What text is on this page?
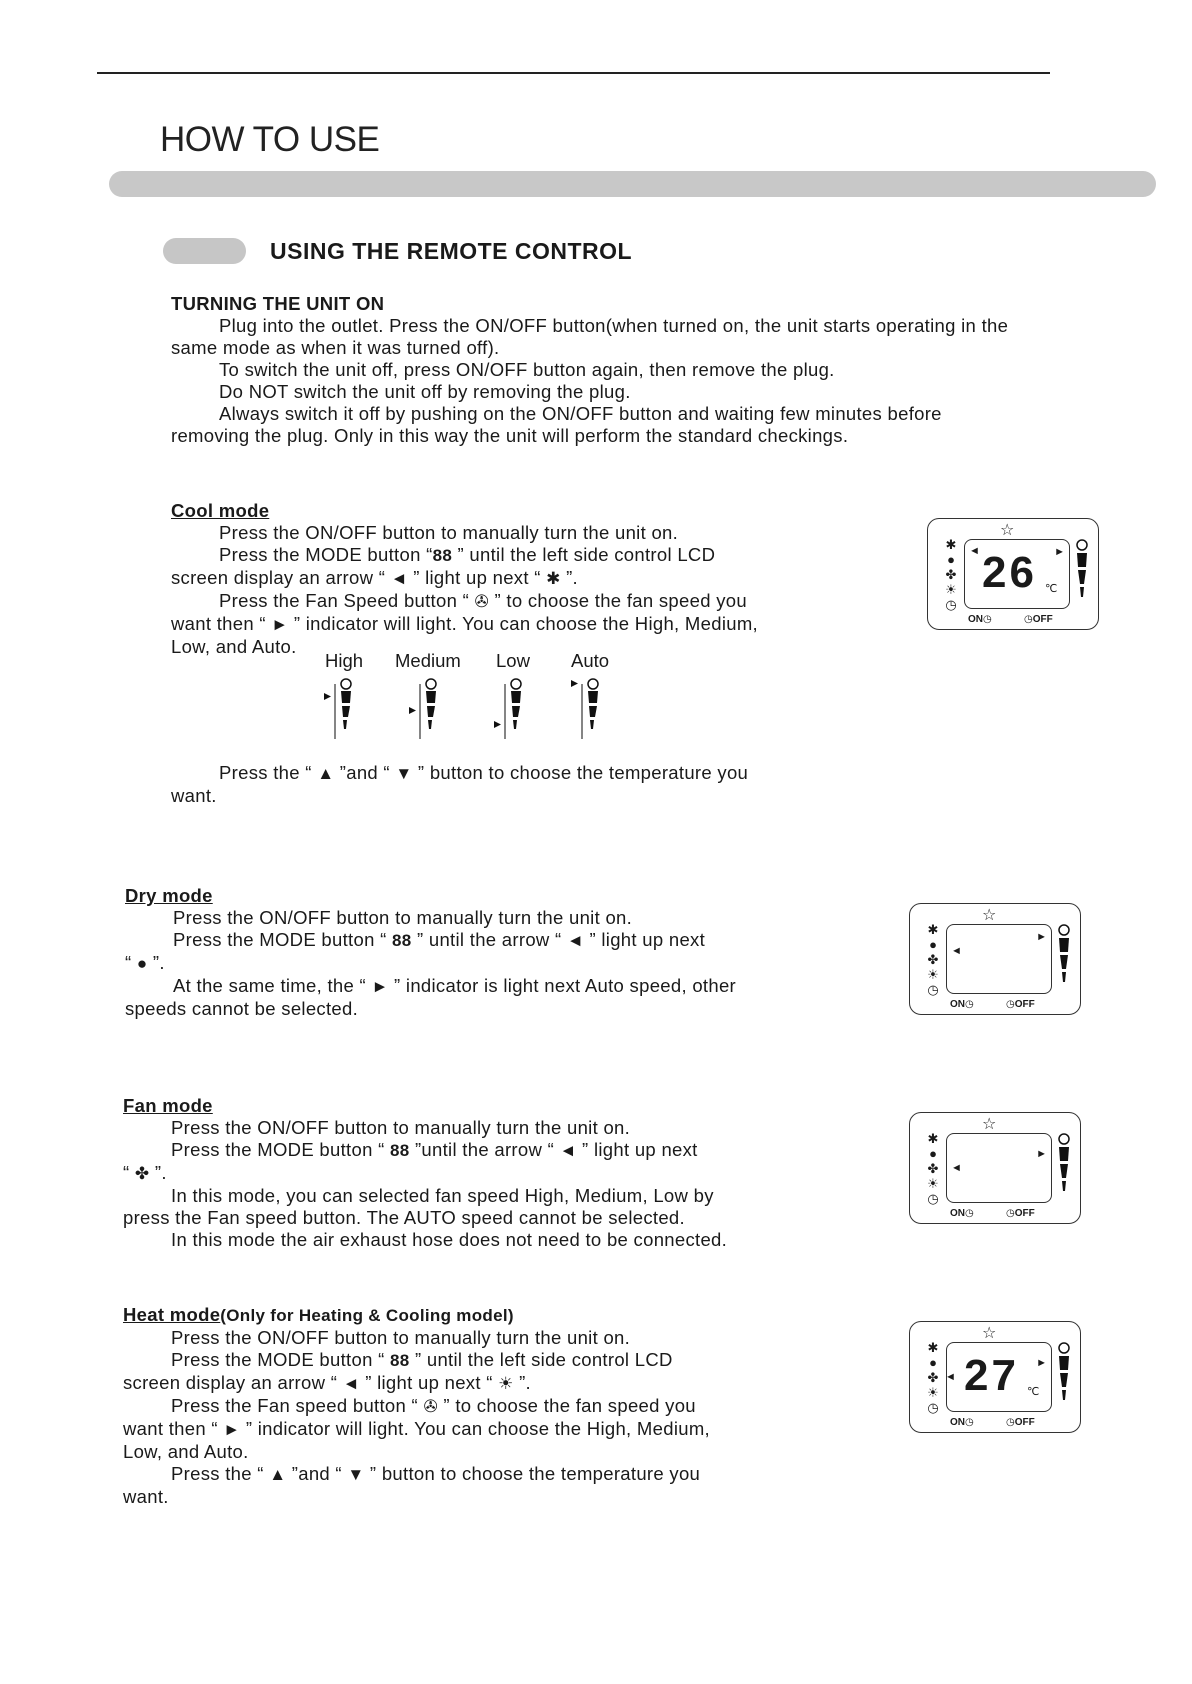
HOW TO USE
USING THE REMOTE CONTROL

TURNING THE UNIT ON

Plug into the outlet. Press the ON/OFF button(when turned on, the unit starts operating in the

same mode as when it was turned off).

To switch the unit off, press ON/OFF button again, then remove the plug.

Do NOT switch the unit off by removing the plug.

Always switch it off by pushing on the ON/OFF button and waiting few minutes before

removing the plug. Only in this way the unit will perform the standard checkings.

Cool mode

Press the ON/OFF button to manually turn the unit on.

Press the MODE button “88 ” until the left side control LCD

screen display an arrow “ ◄ ” light up next “ ✱ ”.

Press the Fan Speed button “ ✇ ” to choose the fan speed you

want then “ ► ” indicator will light. You can choose the High, Medium,

Low, and Auto.

High Medium Low Auto

Press the “ ▲ ”and “ ▼ ” button to choose the temperature you

want.

☆
✱
●
✤
☀
◷
◄ 26 ℃
►
ON◷	◷OFF

Dry mode

Press the ON/OFF button to manually turn the unit on.

Press the MODE button “ 88 ” until the arrow “ ◄ ” light up next

“ ● ”.

At the same time, the “ ► ” indicator is light next Auto speed, other

speeds cannot be selected.

☆
✱
●
✤
☀
◷
◄
►
ON◷	◷OFF

Fan mode

Press the ON/OFF button to manually turn the unit on.

Press the MODE button “ 88 ”until the arrow “ ◄ ” light up next

“ ✤ ”.

In this mode, you can selected fan speed High, Medium, Low by

press the Fan speed button. The AUTO speed cannot be selected.

In this mode the air exhaust hose does not need to be connected.

☆
✱
●
✤
☀
◷
◄
►
ON◷	◷OFF

Heat mode(Only for Heating & Cooling model)

Press the ON/OFF button to manually turn the unit on.

Press the MODE button “ 88 ” until the left side control LCD

screen display an arrow “ ◄ ” light up next “ ☀ ”.

Press the Fan speed button “ ✇ ” to choose the fan speed you

want then “ ► ” indicator will light. You can choose the High, Medium,

Low, and Auto.

Press the “ ▲ ”and “ ▼ ” button to choose the temperature you

want.

☆
✱
●
✤
☀
◷
◄ 27 ℃
►
ON◷	◷OFF
